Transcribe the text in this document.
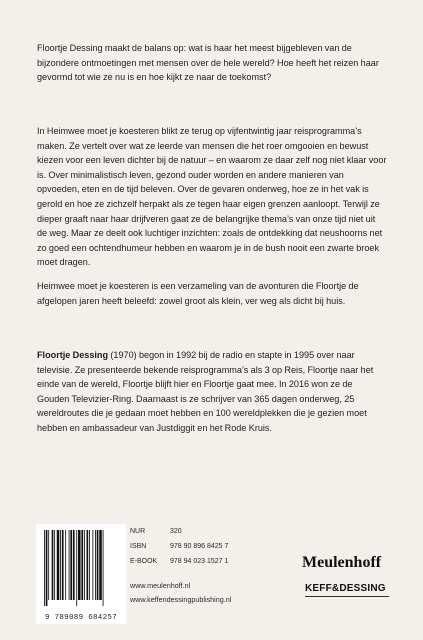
Floortje Dessing maakt de balans op: wat is haar het meest bijgebleven van de bijzondere ontmoetingen met mensen over de hele wereld? Hoe heeft het reizen haar gevormd tot wie ze nu is en hoe kijkt ze naar de toekomst?

In Heimwee moet je koesteren blikt ze terug op vijfentwintig jaar reisprogramma’s maken. Ze vertelt over wat ze leerde van mensen die het roer omgooien en bewust kiezen voor een leven dichter bij de natuur – en waarom ze daar zelf nog niet klaar voor is. Over minimalistisch leven, gezond ouder worden en andere manieren van opvoeden, eten en de tijd beleven. Over de gevaren onderweg, hoe ze in het vak is gerold en hoe ze zichzelf herpakt als ze tegen haar eigen grenzen aanloopt. Terwijl ze dieper graaft naar haar drijfveren gaat ze de belangrijke thema’s van onze tijd niet uit de weg. Maar ze deelt ook luchtiger inzichten: zoals de ontdekking dat neushoorns net zo goed een ochtendhumeur hebben en waarom je in de bush nooit een zwarte broek moet dragen.

Heimwee moet je koesteren is een verzameling van de avonturen die Floortje de afgelopen jaren heeft beleefd: zowel groot als klein, ver weg als dicht bij huis.

Floortje Dessing (1970) begon in 1992 bij de radio en stapte in 1995 over naar televisie. Ze presenteerde bekende reisprogramma’s als 3 op Reis, Floortje naar het einde van de wereld, Floortje blijft hier en Floortje gaat mee. In 2016 won ze de Gouden Televizier-Ring. Daarnaast is ze schrijver van 365 dagen onderweg, 25 wereldroutes die je gedaan moet hebben en 100 wereldplekken die je gezien moet hebben en ambassadeur van Justdiggit en het Rode Kruis.

9 789089 684257
NUR	320
ISBN	978 90 896 8425 7
E-BOOK	978 94 023 1527 1
www.meulenhoff.nl
www.keffendessingpublishing.nl
Meulenhoff
KEFF&DESSING
